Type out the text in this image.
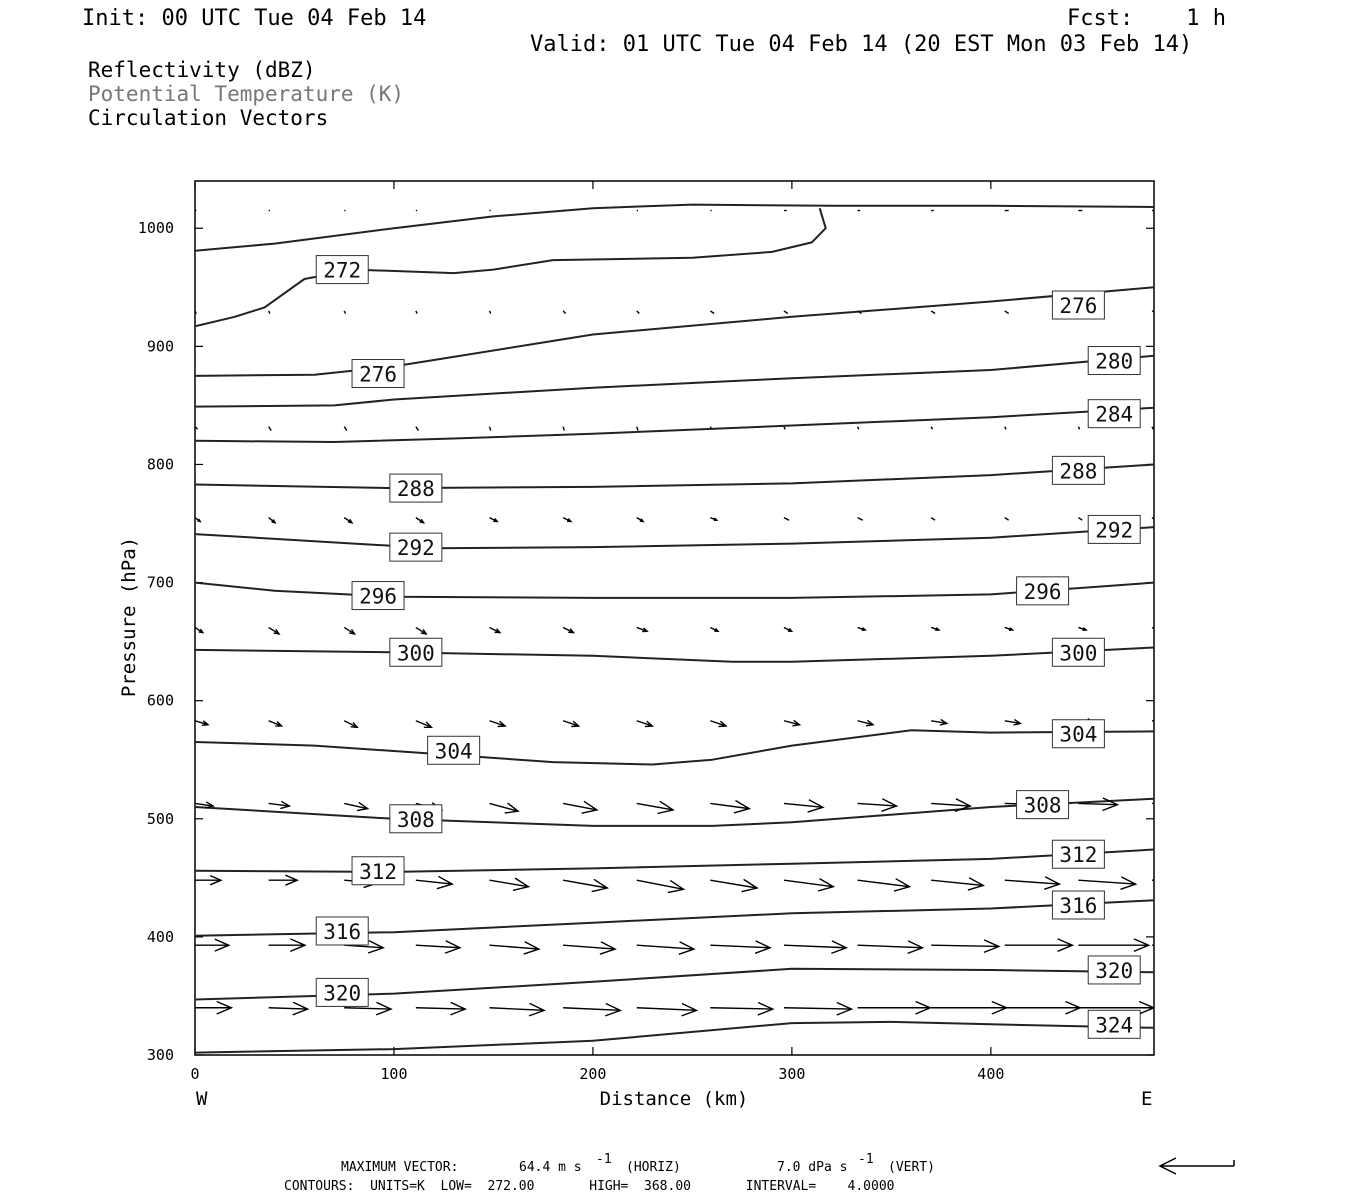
Init: 00 UTC Tue 04 Feb 14	Fcst:    1 h
Valid: 01 UTC Tue 04 Feb 14 (20 EST Mon 03 Feb 14)
Reflectivity (dBZ)
Potential Temperature (K)
Circulation Vectors
0	100	200	300	400
300
400
500
600
700
800
900
1000
324
320
320
316
316
312
312
308
308
304
304
300	300
296	296
292
292
288
288
284
280
276
276
272
Distance (km)
Pressure (hPa)
W	E
MAXIMUM VECTOR:	64.4 m s
-1
(HORIZ)	7.0 dPa s
-1
(VERT)
CONTOURS:  UNITS=K  LOW=  272.00       HIGH=  368.00       INTERVAL=    4.0000
